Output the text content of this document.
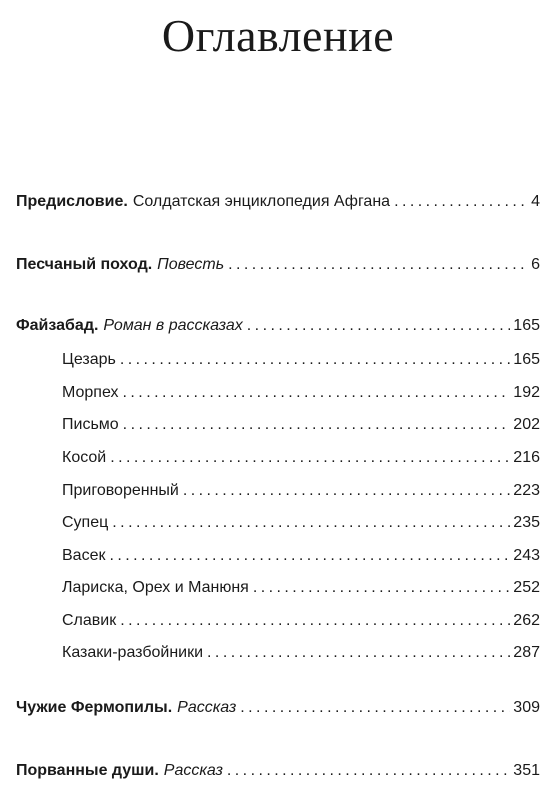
Оглавление
Предисловие. Солдатская энциклопедия Афгана . . .	4
Песчаный поход. Повесть . . .	6
Файзабад. Роман в рассказах . . .	165
Цезарь . . .	165
Морпех . . .	192
Письмо . . .	202
Косой . . .	216
Приговоренный . . .	223
Супец . . .	235
Васек . . .	243
Лариска, Орех и Манюня . . .	252
Славик . . .	262
Казаки-разбойники . . .	287
Чужие Фермопилы. Рассказ . . .	309
Порванные души. Рассказ . . .	351
